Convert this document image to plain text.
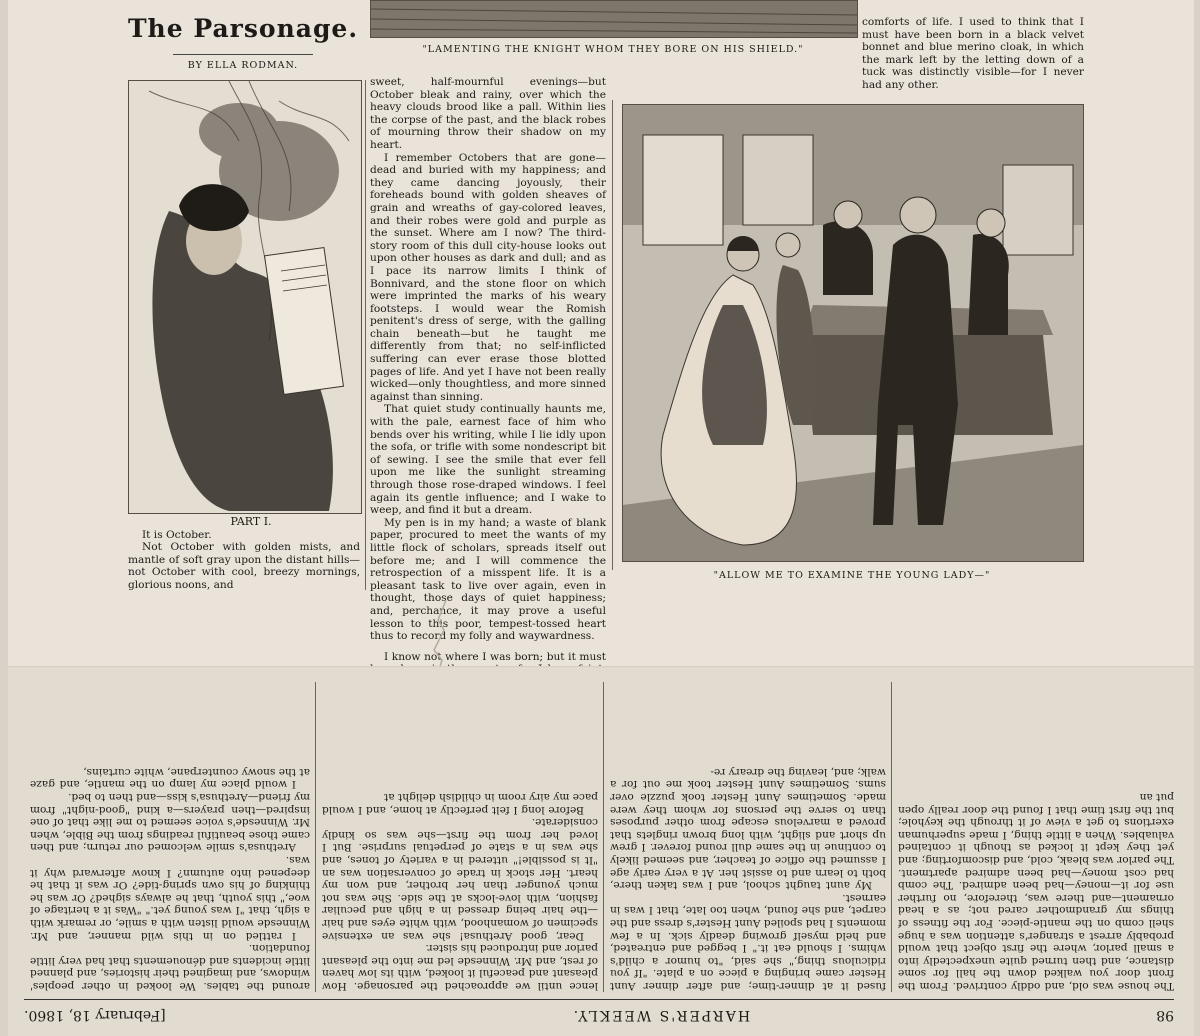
The Parsonage.
BY ELLA RODMAN.

PART I.

It is October.

Not October with golden mists, and mantle of soft gray upon the distant hills—not October with cool, breezy mornings, glorious noons, and

"LAMENTING THE KNIGHT WHOM THEY BORE ON HIS SHIELD."

sweet, half-mournful evenings—but October bleak and rainy, over which the heavy clouds brood like a pall. Within lies the corpse of the past, and the black robes of mourning throw their shadow on my heart.

I remember Octobers that are gone—dead and buried with my happiness; and they came dancing joyously, their foreheads bound with golden sheaves of grain and wreaths of gay-colored leaves, and their robes were gold and purple as the sunset. Where am I now? The third-story room of this dull city-house looks out upon other houses as dark and dull; and as I pace its narrow limits I think of Bonnivard, and the stone floor on which were imprinted the marks of his weary footsteps. I would wear the Romish penitent's dress of serge, with the galling chain beneath—but he taught me differently from that; no self-inflicted suffering can ever erase those blotted pages of life. And yet I have not been really wicked—only thoughtless, and more sinned against than sinning.

That quiet study continually haunts me, with the pale, earnest face of him who bends over his writing, while I lie idly upon the sofa, or trifle with some nondescript bit of sewing. I see the smile that ever fell upon me like the sunlight streaming through those rose-draped windows. I feel again its gentle influence; and I wake to weep, and find it but a dream.

My pen is in my hand; a waste of blank paper, procured to meet the wants of my little flock of scholars, spreads itself out before me; and I will commence the retrospection of a misspent life. It is a pleasant task to live over again, even in thought, those days of quiet happiness; and, perchance, it may prove a useful lesson to this poor, tempest-tossed heart thus to record my folly and waywardness.

I know not where I was born; but it must

"ALLOW ME TO EXAMINE THE YOUNG LADY—"

comforts of life. I used to think that I must have been born in a black velvet bonnet and blue merino cloak, in which the mark left by the letting down of a tuck was distinctly visible—for I never had any other.

98
HARPER'S WEEKLY.
[February 18, 1860.

The house was old, and oddly contrived. From the front door you walked down the hall for some distance, and then turned quite unexpectedly into a small parlor, where the first object that would probably arrest a stranger's attention was a huge shell comb on the mantle-piece. For the fitness of things my grandmother cared not; as a head ornament—and there was, therefore, no further use for it—money—had been admired. The comb had cost money—had been admired apartment. The parlor was bleak, cold, and discomforting; and yet they kept it locked as though it contained valuables. When a little thing, I made superhuman exertions to get a view of it through the keyhole; but the first time that I found the door really open put an

fused it at dinner-time; and after dinner Aunt Hester came bringing a piece on a plate. "If you ridiculous thing," she said, "to humor a child's whims. I should eat it." I begged and entreated, and held myself growing deadly sick. In a few moments I had spoiled Aunt Hester's dress and the carpet, and she found, when too late, that I was in earnest.

My aunt taught school, and I was taken there, both to learn and to assist her. At a very early age I assumed the office of teacher, and seemed likely to continue in the same dull round forever. I grew up short and slight, with long brown ringlets that proved a marvelous escape from other purposes than to serve the persons for whom they were made. Sometimes Aunt Hester took puzzle over sums. Sometimes Aunt Hester took me out for a walk; and, leaving the dreary re-

lence until we approached the parsonage. How pleasant and peaceful it looked, with its low haven of rest, and Mr. Winnesde led me into the pleasant parlor and introduced his sister.

Dear, good Arethusa! she was an extensive specimen of womanhood, with white eyes and hair—the hair being dressed in a high and peculiar fashion, with love-locks at the side. She was not much younger than her brother, and won my heart. Her stock in trade of conversation was an "It is possible!" uttered in a variety of tones, and she was in a state of perpetual surprise. But I loved her from the first—she was so kindly considerate.

Before long I felt perfectly at home, and I would pace my airy room in childish delight at

around the tables. We looked in other peoples' windows, and imagined their histories, and planned little incidents and dénouements that had very little foundation.

I rattled on in this wild manner, and Mr. Winnesde would listen with a smile, or remark with a sigh, that "I was young yet." "Was it a heritage of woe," this youth, that he always sighed? Or was he thinking of his own spring-tide? Or was it that he deepened into autumn? I know afterward why it was.

Arethusa's smile welcomed our return; and then came those beautiful readings from the Bible, when Mr. Winnesde's voice seemed to me like that of one inspired—then prayers—a kind "good-night" from my friend—Arethusa's kiss—and then to bed.

I would place my lamp on the mantle, and gaze at the snowy counterpane, white curtains,
